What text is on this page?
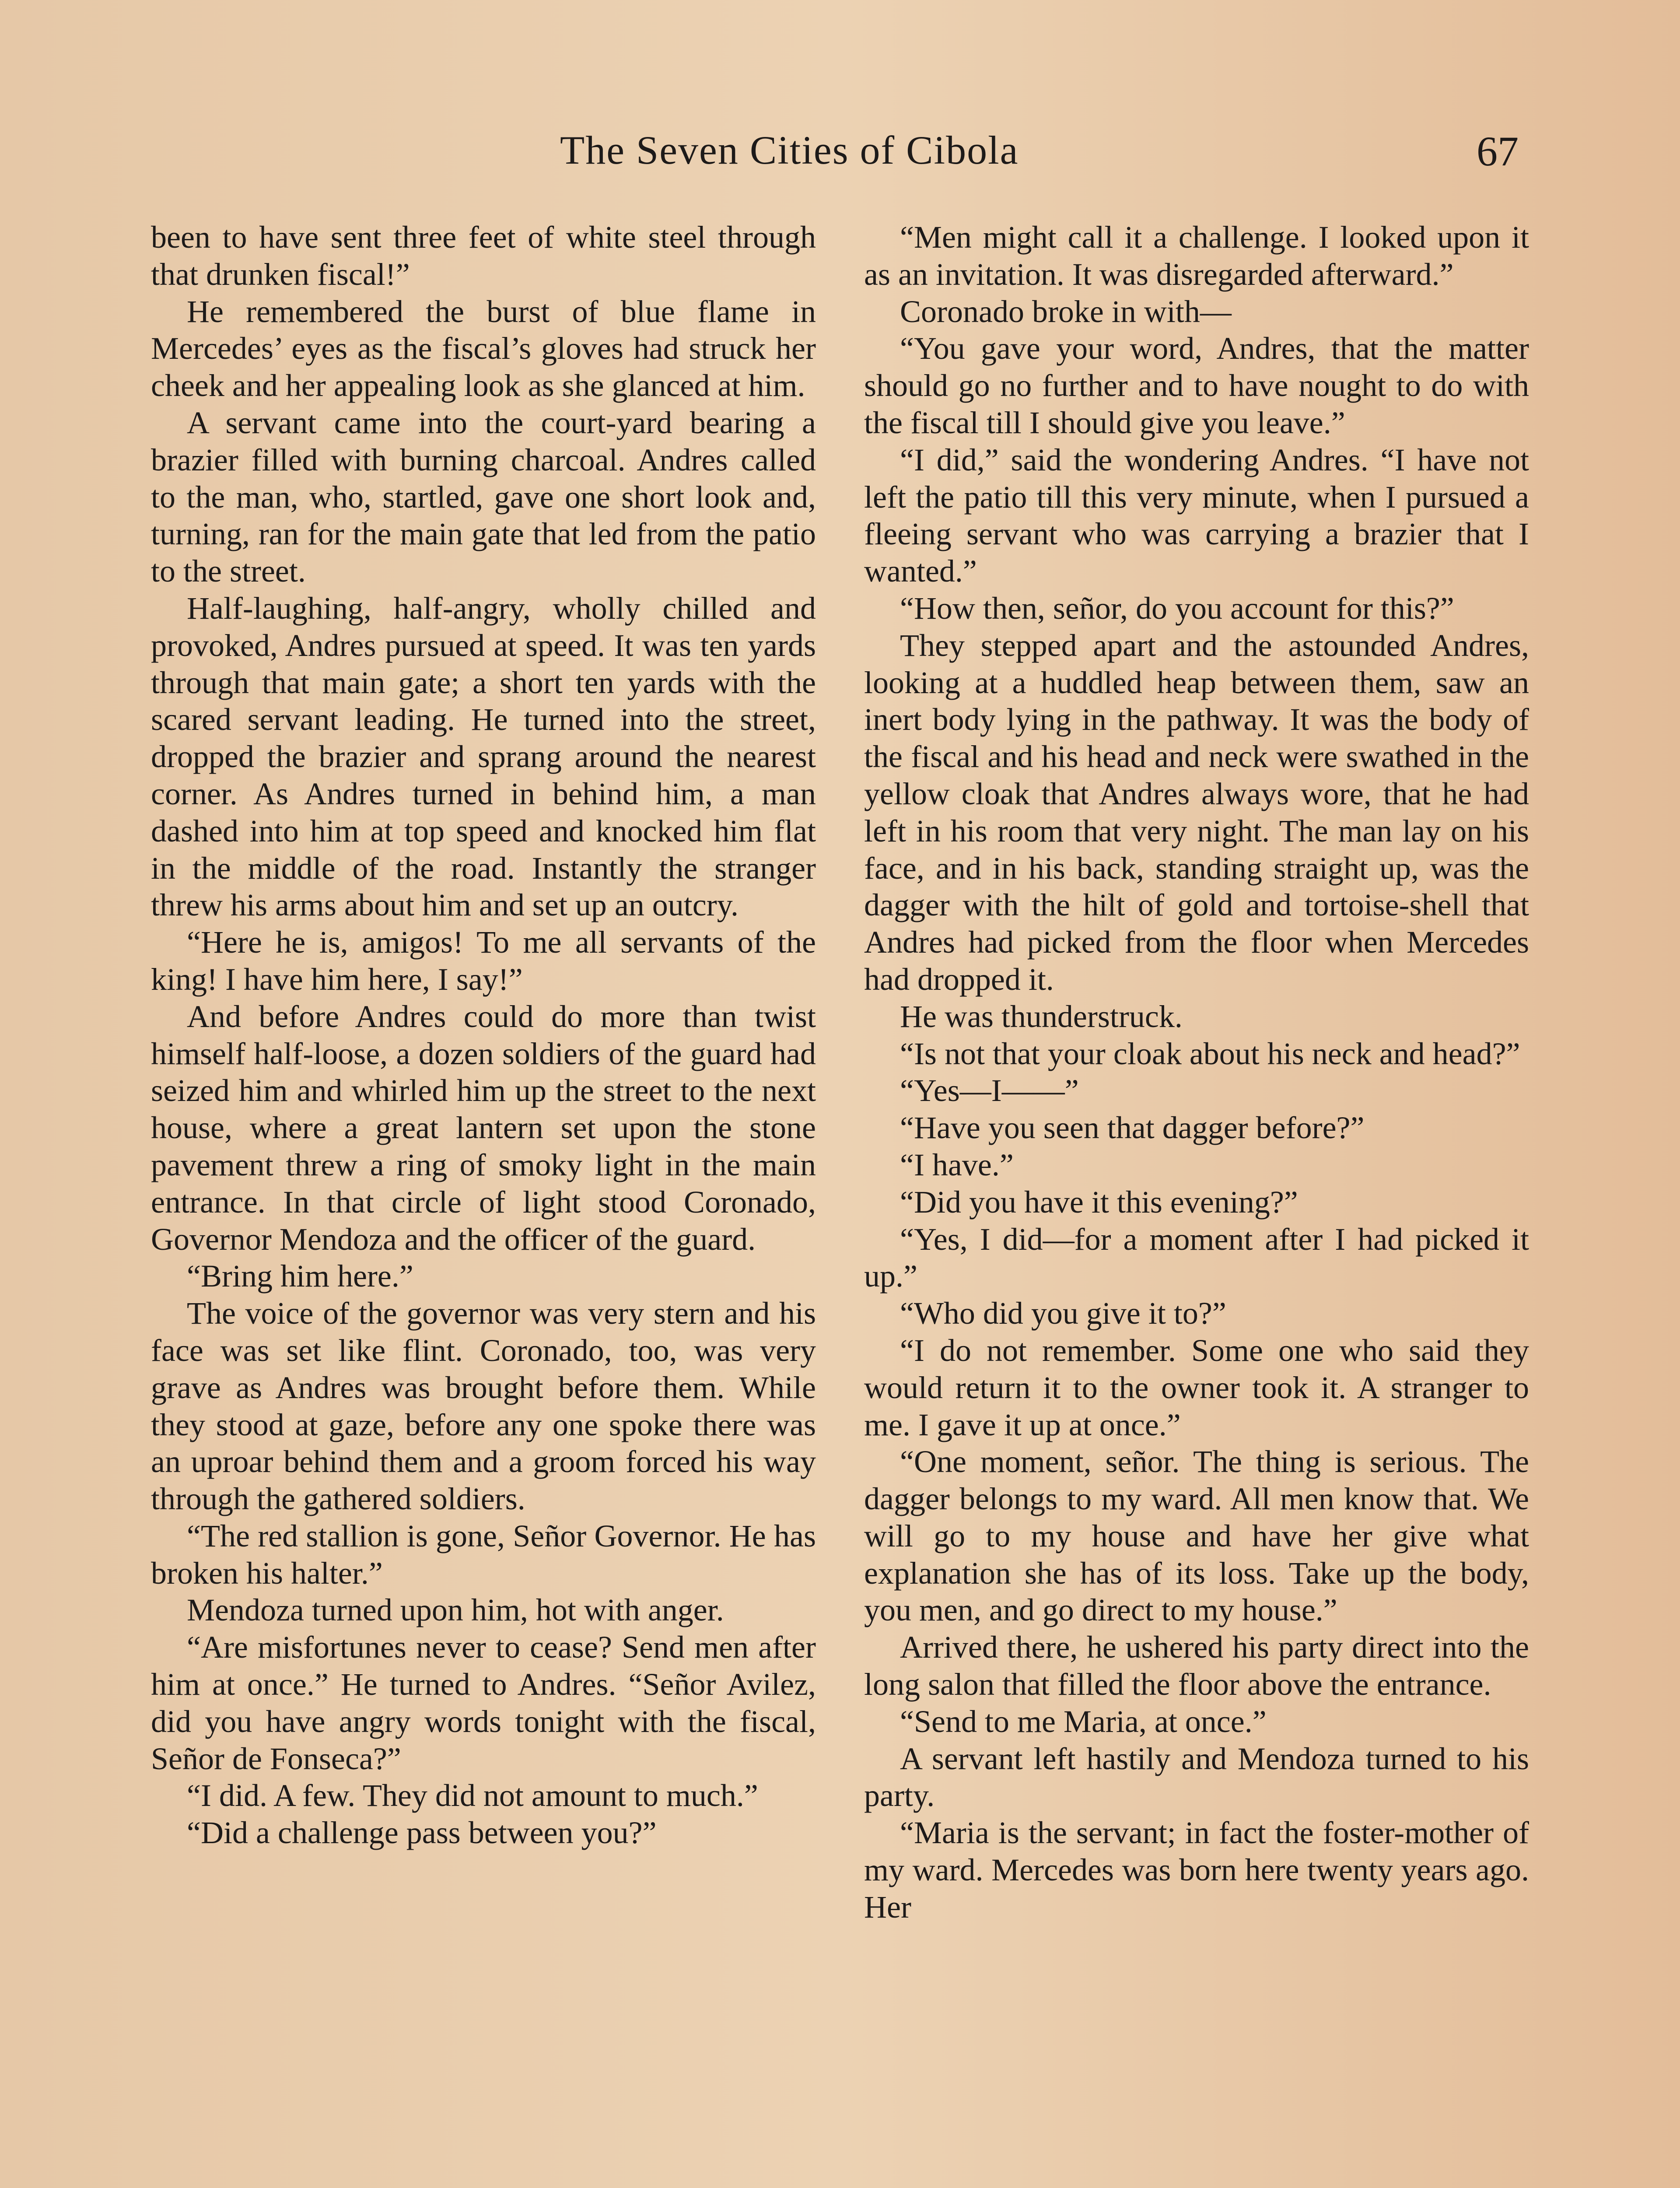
The Seven Cities of Cibola	67

been to have sent three feet of white steel through that drunken fiscal!”

He remembered the burst of blue flame in Mercedes’ eyes as the fiscal’s gloves had struck her cheek and her appealing look as she glanced at him.

A servant came into the court-yard bearing a brazier filled with burning charcoal. Andres called to the man, who, startled, gave one short look and, turning, ran for the main gate that led from the patio to the street.

Half-laughing, half-angry, wholly chilled and provoked, Andres pursued at speed. It was ten yards through that main gate; a short ten yards with the scared servant leading. He turned into the street, dropped the brazier and sprang around the nearest corner. As Andres turned in behind him, a man dashed into him at top speed and knocked him flat in the middle of the road. Instantly the stranger threw his arms about him and set up an outcry.

“Here he is, amigos! To me all servants of the king! I have him here, I say!”

And before Andres could do more than twist himself half-loose, a dozen soldiers of the guard had seized him and whirled him up the street to the next house, where a great lantern set upon the stone pavement threw a ring of smoky light in the main entrance. In that circle of light stood Coronado, Governor Mendoza and the officer of the guard.

“Bring him here.”

The voice of the governor was very stern and his face was set like flint. Coronado, too, was very grave as Andres was brought before them. While they stood at gaze, before any one spoke there was an uproar behind them and a groom forced his way through the gathered soldiers.

“The red stallion is gone, Señor Governor. He has broken his halter.”

Mendoza turned upon him, hot with anger.

“Are misfortunes never to cease? Send men after him at once.” He turned to Andres. “Señor Avilez, did you have angry words tonight with the fiscal, Señor de Fonseca?”

“I did. A few. They did not amount to much.”

“Did a challenge pass between you?”

“Men might call it a challenge. I looked upon it as an invitation. It was disregarded afterward.”

Coronado broke in with—

“You gave your word, Andres, that the matter should go no further and to have nought to do with the fiscal till I should give you leave.”

“I did,” said the wondering Andres. “I have not left the patio till this very minute, when I pursued a fleeing servant who was carrying a brazier that I wanted.”

“How then, señor, do you account for this?”

They stepped apart and the astounded Andres, looking at a huddled heap between them, saw an inert body lying in the pathway. It was the body of the fiscal and his head and neck were swathed in the yellow cloak that Andres always wore, that he had left in his room that very night. The man lay on his face, and in his back, standing straight up, was the dagger with the hilt of gold and tortoise-shell that Andres had picked from the floor when Mercedes had dropped it.

He was thunderstruck.

“Is not that your cloak about his neck and head?”

“Yes—I——”

“Have you seen that dagger before?”

“I have.”

“Did you have it this evening?”

“Yes, I did—for a moment after I had picked it up.”

“Who did you give it to?”

“I do not remember. Some one who said they would return it to the owner took it. A stranger to me. I gave it up at once.”

“One moment, señor. The thing is serious. The dagger belongs to my ward. All men know that. We will go to my house and have her give what explanation she has of its loss. Take up the body, you men, and go direct to my house.”

Arrived there, he ushered his party direct into the long salon that filled the floor above the entrance.

“Send to me Maria, at once.”

A servant left hastily and Mendoza turned to his party.

“Maria is the servant; in fact the foster-mother of my ward. Mercedes was born here twenty years ago. Her
